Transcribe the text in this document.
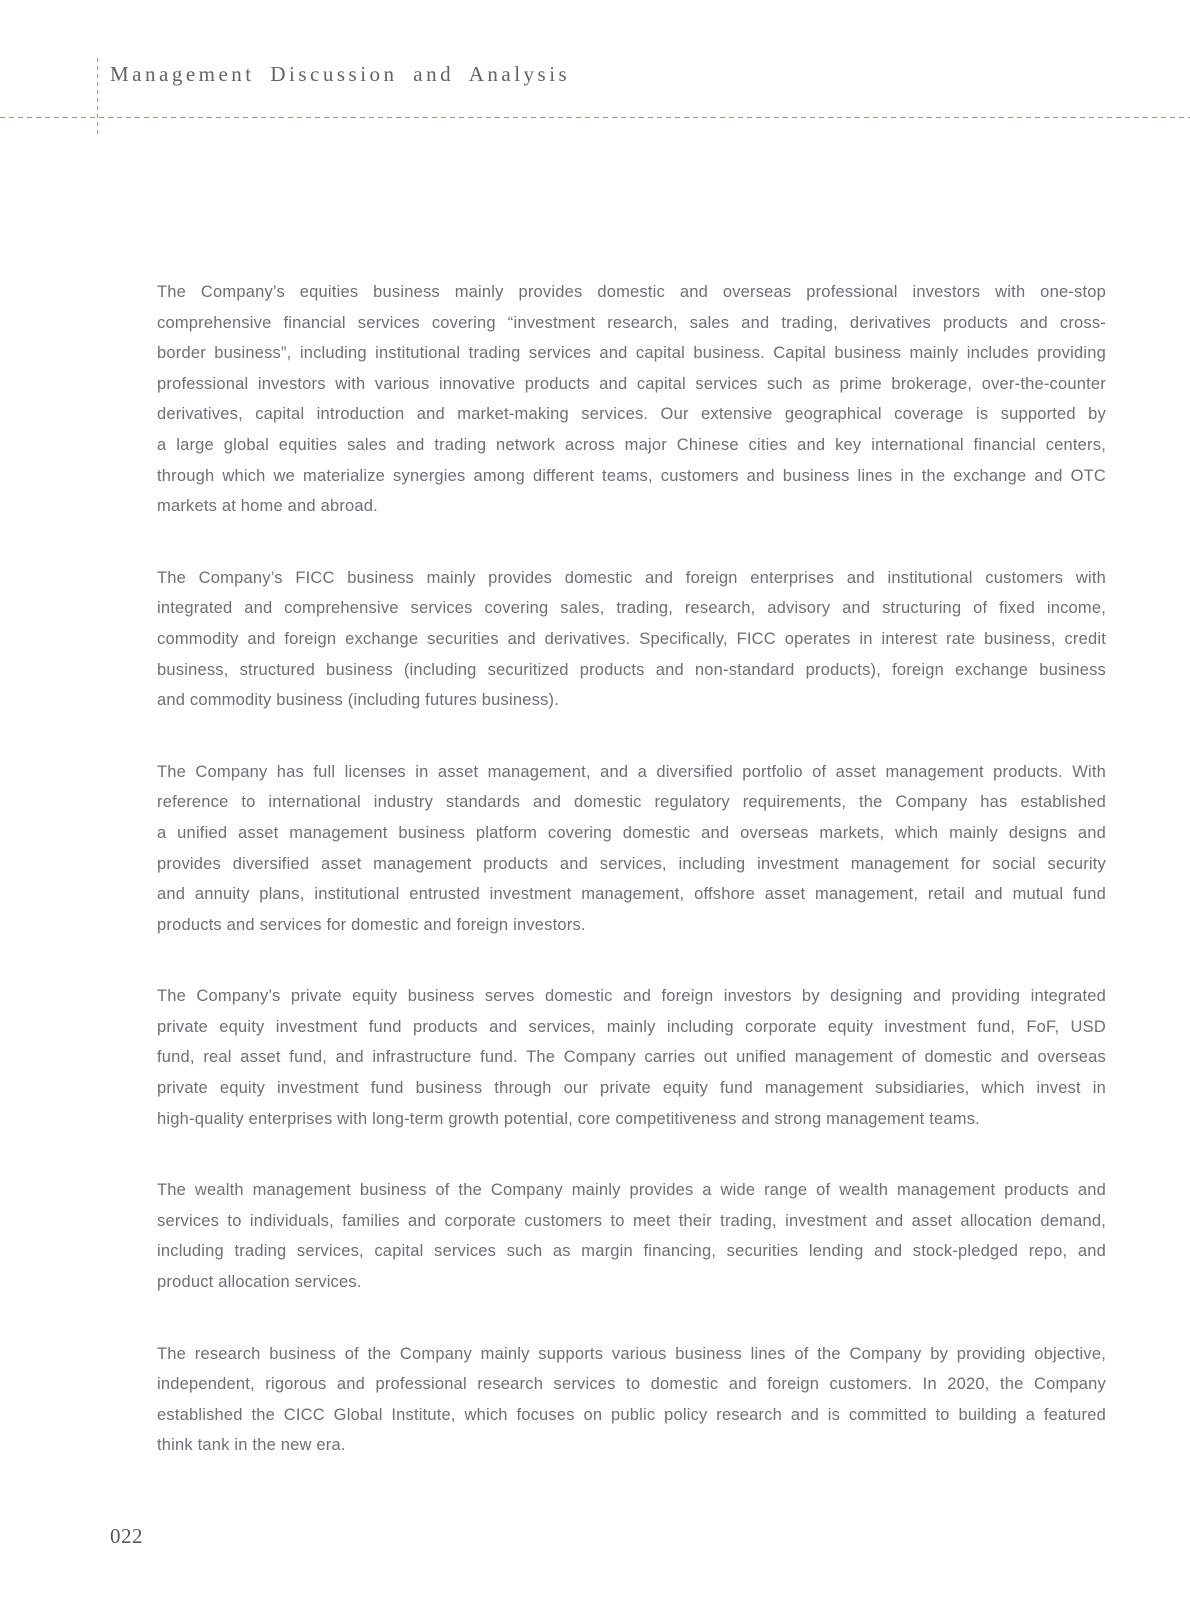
Management Discussion and Analysis

The Company’s equities business mainly provides domestic and overseas professional investors with one-stop
comprehensive financial services covering “investment research, sales and trading, derivatives products and cross-
border business”, including institutional trading services and capital business. Capital business mainly includes providing
professional investors with various innovative products and capital services such as prime brokerage, over-the-counter
derivatives, capital introduction and market-making services. Our extensive geographical coverage is supported by
a large global equities sales and trading network across major Chinese cities and key international financial centers,
through which we materialize synergies among different teams, customers and business lines in the exchange and OTC
markets at home and abroad.

The Company’s FICC business mainly provides domestic and foreign enterprises and institutional customers with
integrated and comprehensive services covering sales, trading, research, advisory and structuring of fixed income,
commodity and foreign exchange securities and derivatives. Specifically, FICC operates in interest rate business, credit
business, structured business (including securitized products and non-standard products), foreign exchange business
and commodity business (including futures business).

The Company has full licenses in asset management, and a diversified portfolio of asset management products. With
reference to international industry standards and domestic regulatory requirements, the Company has established
a unified asset management business platform covering domestic and overseas markets, which mainly designs and
provides diversified asset management products and services, including investment management for social security
and annuity plans, institutional entrusted investment management, offshore asset management, retail and mutual fund
products and services for domestic and foreign investors.

The Company’s private equity business serves domestic and foreign investors by designing and providing integrated
private equity investment fund products and services, mainly including corporate equity investment fund, FoF, USD
fund, real asset fund, and infrastructure fund. The Company carries out unified management of domestic and overseas
private equity investment fund business through our private equity fund management subsidiaries, which invest in
high-quality enterprises with long-term growth potential, core competitiveness and strong management teams.

The wealth management business of the Company mainly provides a wide range of wealth management products and
services to individuals, families and corporate customers to meet their trading, investment and asset allocation demand,
including trading services, capital services such as margin financing, securities lending and stock-pledged repo, and
product allocation services.

The research business of the Company mainly supports various business lines of the Company by providing objective,
independent, rigorous and professional research services to domestic and foreign customers. In 2020, the Company
established the CICC Global Institute, which focuses on public policy research and is committed to building a featured
think tank in the new era.

022
